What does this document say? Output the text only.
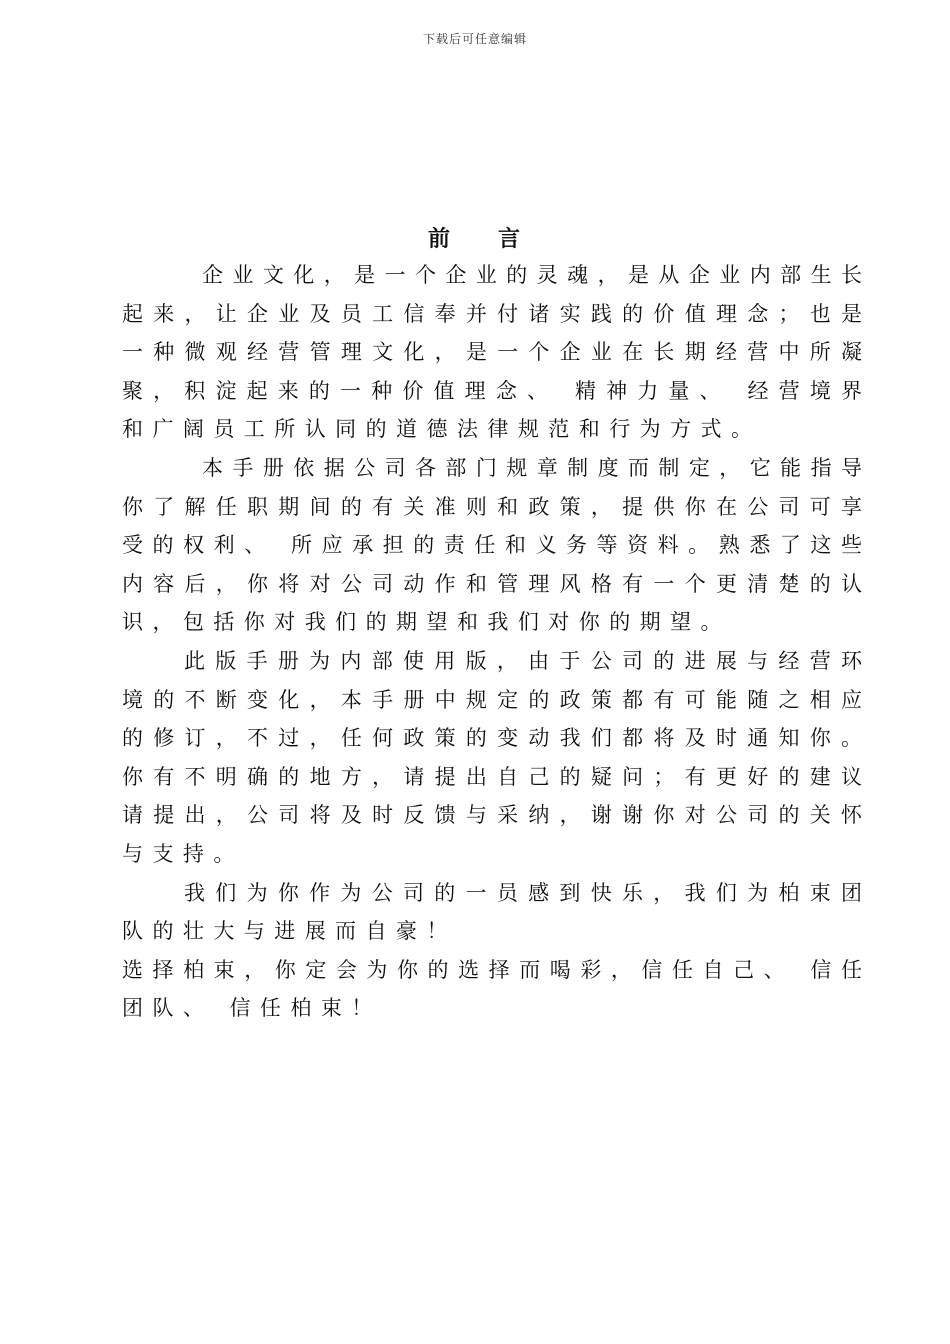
下载后可任意编辑
前 言
企业文化，是一个企业的灵魂，是从企业内部生长
起来，让企业及员工信奉并付诸实践的价值理念；也是
一种微观经营管理文化，是一个企业在长期经营中所凝
聚，积淀起来的一种价值理念、 精神力量、 经营境界
和广阔员工所认同的道德法律规范和行为方式。
本手册依据公司各部门规章制度而制定，它能指导
你了解任职期间的有关准则和政策，提供你在公司可享
受的权利、 所应承担的责任和义务等资料。熟悉了这些
内容后，你将对公司动作和管理风格有一个更清楚的认
识，包括你对我们的期望和我们对你的期望。
此版手册为内部使用版，由于公司的进展与经营环
境的不断变化，本手册中规定的政策都有可能随之相应
的修订，不过，任何政策的变动我们都将及时通知你。
你有不明确的地方，请提出自己的疑问；有更好的建议
请提出，公司将及时反馈与采纳，谢谢你对公司的关怀
与支持。
我们为你作为公司的一员感到快乐，我们为柏束团
队的壮大与进展而自豪！
选择柏束，你定会为你的选择而喝彩，信任自己、 信任
团队、 信任柏束！
